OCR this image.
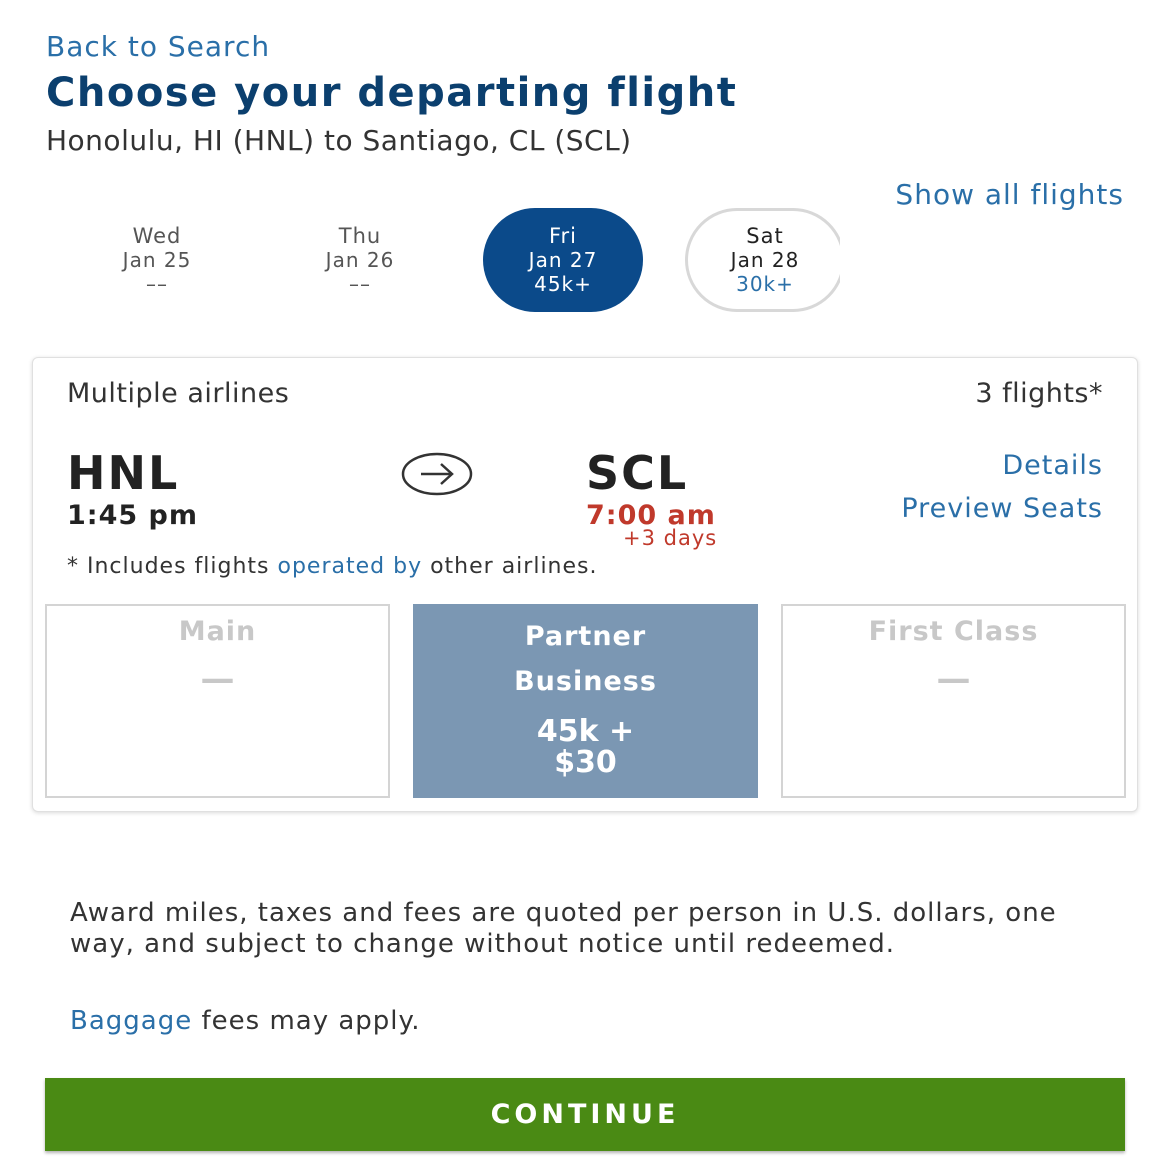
Back to Search
Choose your departing flight
Honolulu, HI (HNL) to Santiago, CL (SCL)
Show all flights
Wed
Jan 25
––
Thu
Jan 26
––
Fri
Jan 27
45k+
Sat
Jan 28
30k+
Multiple airlines	3 flights*
HNL
1:45 pm
SCL
7:00 am
+3 days
Details
Preview Seats
* Includes flights operated by other airlines.
Main
—
Partner
Business
45k +
$30
First Class
—
Award miles, taxes and fees are quoted per person in U.S. dollars, one way, and subject to change without notice until redeemed.
Baggage fees may apply.
CONTINUE
